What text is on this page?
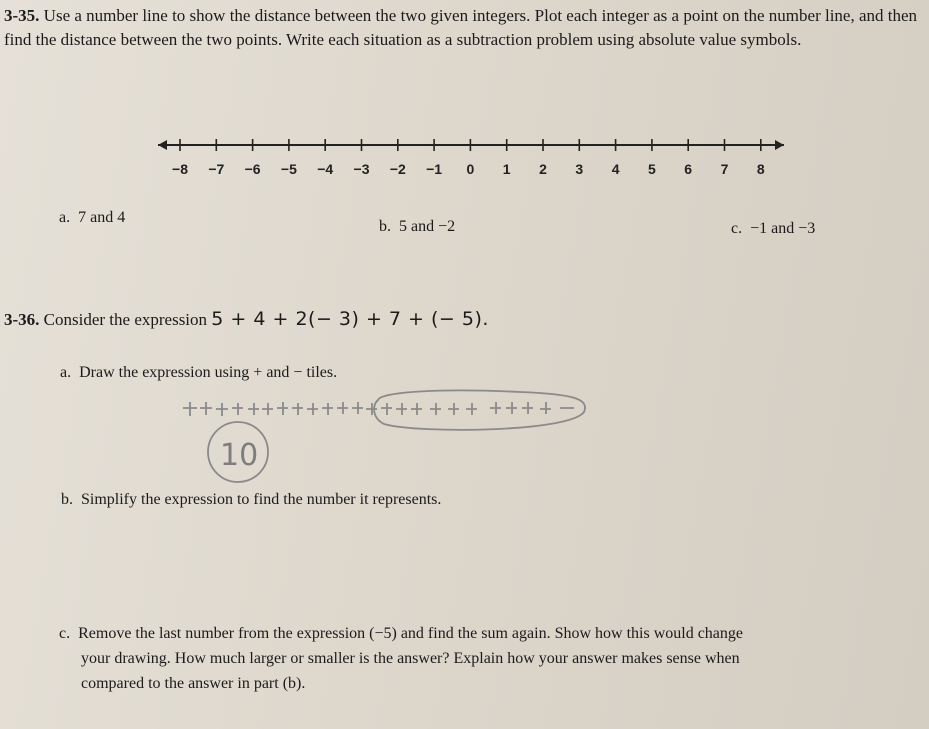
3-35. Use a number line to show the distance between the two given integers. Plot each integer as a point on the number line, and then find the distance between the two points. Write each situation as a subtraction problem using absolute value symbols.
−8 −7 −6 −5 −4 −3 −2 −1 0 1 2 3 4 5 6 7 8
a. 7 and 4
b. 5 and −2	c. −1 and −3
3-36. Consider the expression 5 + 4 + 2(− 3) + 7 + (− 5).
a. Draw the expression using + and − tiles.
10
b. Simplify the expression to find the number it represents.
c. Remove the last number from the expression (−5) and find the sum again. Show how this would change
your drawing. How much larger or smaller is the answer? Explain how your answer makes sense when
compared to the answer in part (b).
